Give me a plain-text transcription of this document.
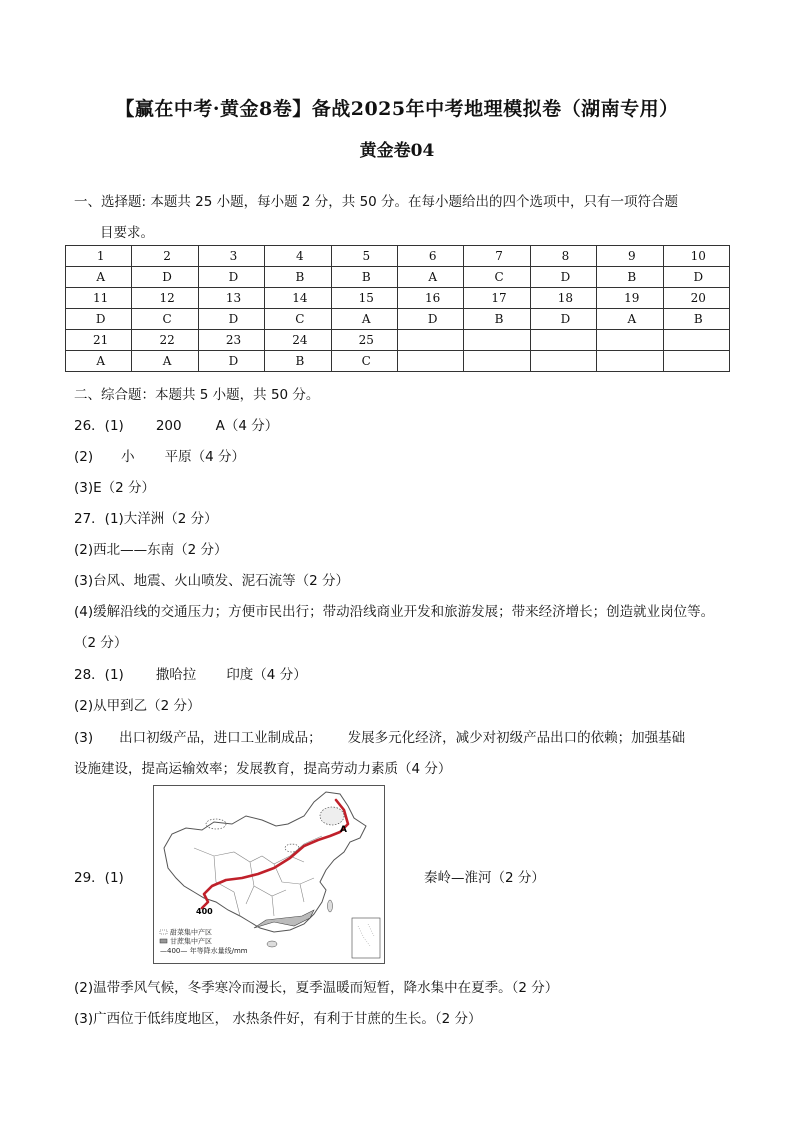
【赢在中考·黄金8卷】备战2025年中考地理模拟卷（湖南专用）
黄金卷04
一、选择题: 本题共 25 小题，每小题 2 分，共 50 分。在每小题给出的四个选项中，只有一项符合题
目要求。
1	2	3	4	5	6	7	8	9	10
A	D	D	B	B	A	C	D	B	D
11	12	13	14	15	16	17	18	19	20
D	C	D	C	A	D	B	D	A	B
21	22	23	24	25					
A	A	D	B	C					
二、综合题：本题共 5 小题，共 50 分。
26．(1) 200	A（4 分）
(2) 小 平原（4 分）
(3)E（2 分）
27．(1)大洋洲（2 分）
(2)西北——东南（2 分）
(3)台风、地震、火山喷发、泥石流等（2 分）
(4)缓解沿线的交通压力；方便市民出行；带动沿线商业开发和旅游发展；带来经济增长；创造就业岗位等。
（2 分）
28．(1) 撒哈拉 印度（4 分）
(2)从甲到乙（2 分）
(3) 出口初级产品，进口工业制成品； 发展多元化经济，减少对初级产品出口的依赖；加强基础
设施建设，提高运输效率；发展教育，提高劳动力素质（4 分）
29．(1)
A
400
甜菜集中产区
甘蔗集中产区
—400— 年等降水量线/mm
秦岭—淮河（2 分）
(2)温带季风气候，冬季寒冷而漫长，夏季温暖而短暂，降水集中在夏季。（2 分）
(3)广西位于低纬度地区， 水热条件好，有利于甘蔗的生长。（2 分）
